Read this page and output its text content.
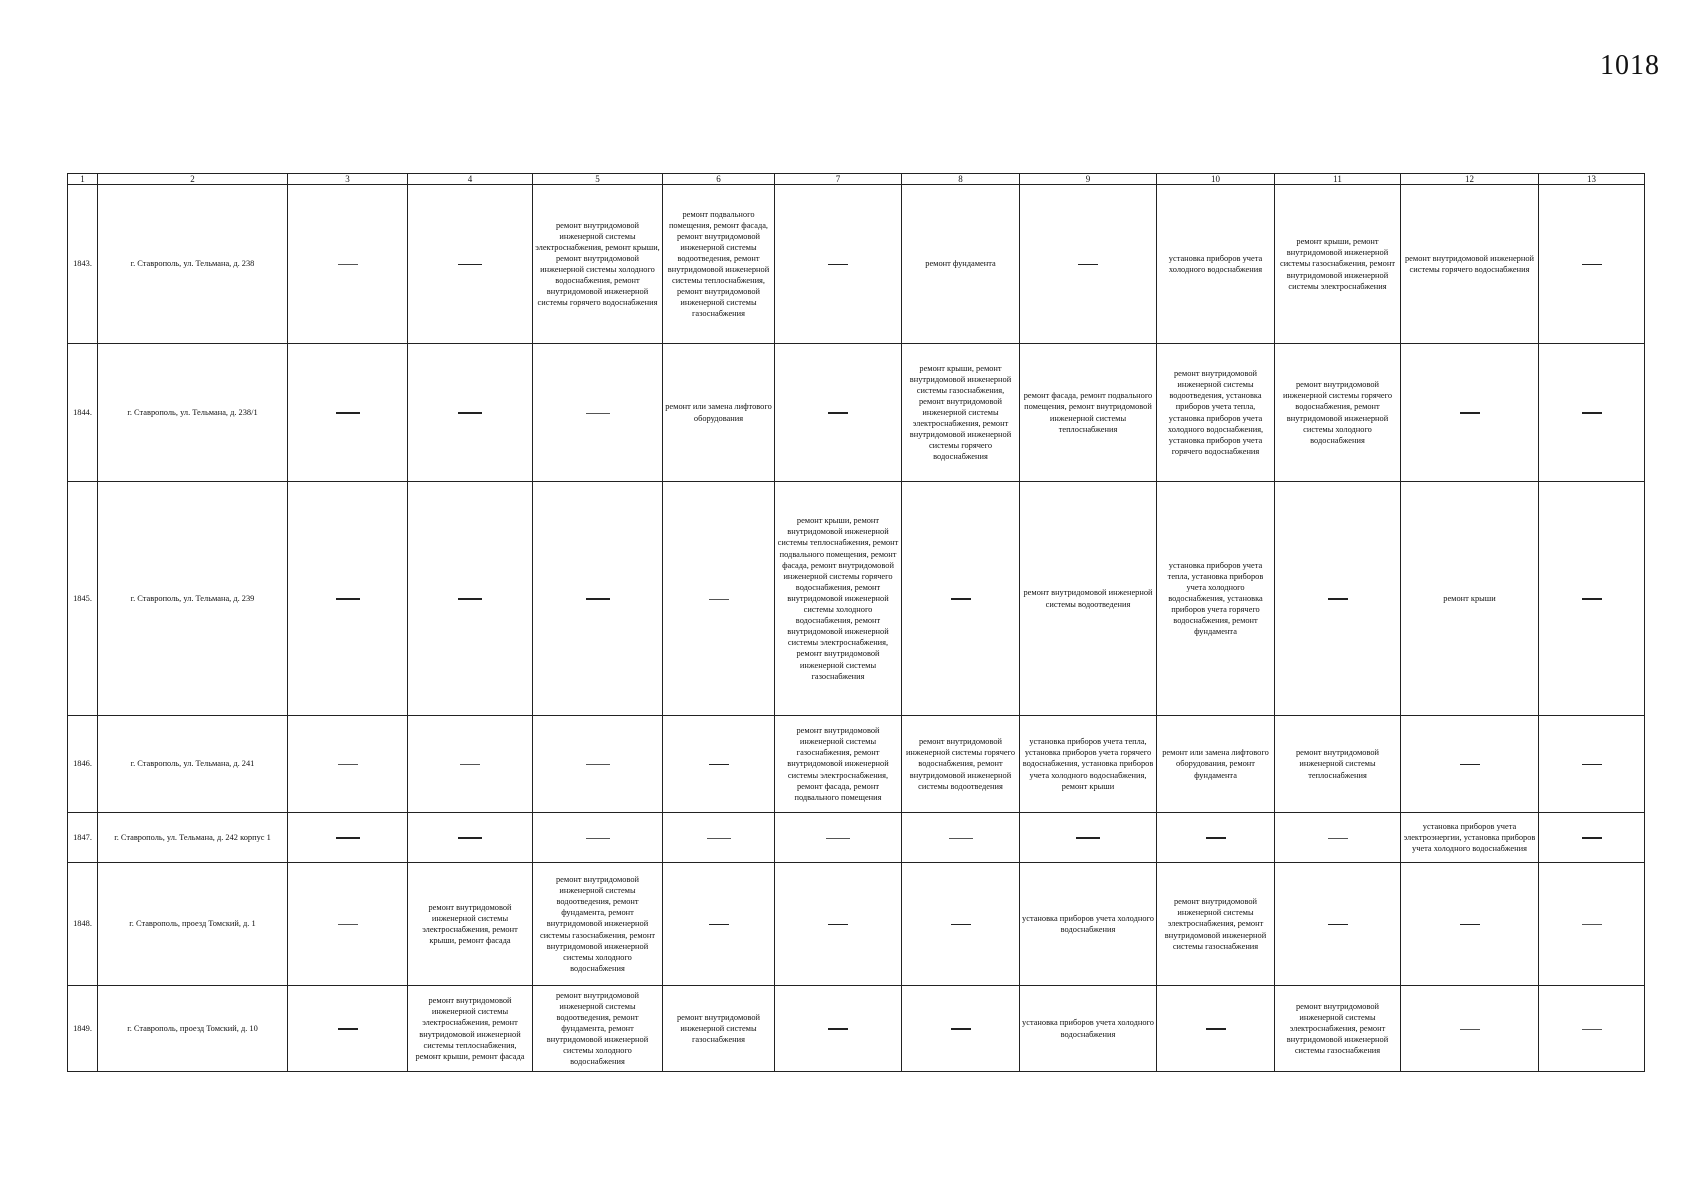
1018
1	2	3	4	5	6	7	8	9	10	11	12	13
1843.	г. Ставрополь, ул. Тельмана, д. 238			ремонт внутридомовой инженерной системы электроснабжения, ремонт крыши, ремонт внутридомовой инженерной системы холодного водоснабжения, ремонт внутридомовой инженерной системы горячего водоснабжения	ремонт подвального помещения, ремонт фасада, ремонт внутридомовой инженерной системы водоотведения, ремонт внутридомовой инженерной системы теплоснабжения, ремонт внутридомовой инженерной системы газоснабжения		ремонт фундамента		установка приборов учета холодного водоснабжения	ремонт крыши, ремонт внутридомовой инженерной системы газоснабжения, ремонт внутридомовой инженерной системы электроснабжения	ремонт внутридомовой инженерной системы горячего водоснабжения	
1844.	г. Ставрополь, ул. Тельмана, д. 238/1				ремонт или замена лифтового оборудования		ремонт крыши, ремонт внутридомовой инженерной системы газоснабжения, ремонт внутридомовой инженерной системы электроснабжения, ремонт внутридомовой инженерной системы горячего водоснабжения	ремонт фасада, ремонт подвального помещения, ремонт внутридомовой инженерной системы теплоснабжения	ремонт внутридомовой инженерной системы водоотведения, установка приборов учета тепла, установка приборов учета холодного водоснабжения, установка приборов учета горячего водоснабжения	ремонт внутридомовой инженерной системы горячего водоснабжения, ремонт внутридомовой инженерной системы холодного водоснабжения		
1845.	г. Ставрополь, ул. Тельмана, д. 239					ремонт крыши, ремонт внутридомовой инженерной системы теплоснабжения, ремонт подвального помещения, ремонт фасада, ремонт внутридомовой инженерной системы горячего водоснабжения, ремонт внутридомовой инженерной системы холодного водоснабжения, ремонт внутридомовой инженерной системы электроснабжения, ремонт внутридомовой инженерной системы газоснабжения		ремонт внутридомовой инженерной системы водоотведения	установка приборов учета тепла, установка приборов учета холодного водоснабжения, установка приборов учета горячего водоснабжения, ремонт фундамента		ремонт крыши	
1846.	г. Ставрополь, ул. Тельмана, д. 241					ремонт внутридомовой инженерной системы газоснабжения, ремонт внутридомовой инженерной системы электроснабжения, ремонт фасада, ремонт подвального помещения	ремонт внутридомовой инженерной системы горячего водоснабжения, ремонт внутридомовой инженерной системы водоотведения	установка приборов учета тепла, установка приборов учета горячего водоснабжения, установка приборов учета холодного водоснабжения, ремонт крыши	ремонт или замена лифтового оборудования, ремонт фундамента	ремонт внутридомовой инженерной системы теплоснабжения		
1847.	г. Ставрополь, ул. Тельмана, д. 242 корпус 1										установка приборов учета электроэнергии, установка приборов учета холодного водоснабжения	
1848.	г. Ставрополь, проезд Томский, д. 1		ремонт внутридомовой инженерной системы электроснабжения, ремонт крыши, ремонт фасада	ремонт внутридомовой инженерной системы водоотведения, ремонт фундамента, ремонт внутридомовой инженерной системы газоснабжения, ремонт внутридомовой инженерной системы холодного водоснабжения				установка приборов учета холодного водоснабжения	ремонт внутридомовой инженерной системы электроснабжения, ремонт внутридомовой инженерной системы газоснабжения			
1849.	г. Ставрополь, проезд Томский, д. 10		ремонт внутридомовой инженерной системы электроснабжения, ремонт внутридомовой инженерной системы теплоснабжения, ремонт крыши, ремонт фасада	ремонт внутридомовой инженерной системы водоотведения, ремонт фундамента, ремонт внутридомовой инженерной системы холодного водоснабжения	ремонт внутридомовой инженерной системы газоснабжения			установка приборов учета холодного водоснабжения		ремонт внутридомовой инженерной системы электроснабжения, ремонт внутридомовой инженерной системы газоснабжения		
